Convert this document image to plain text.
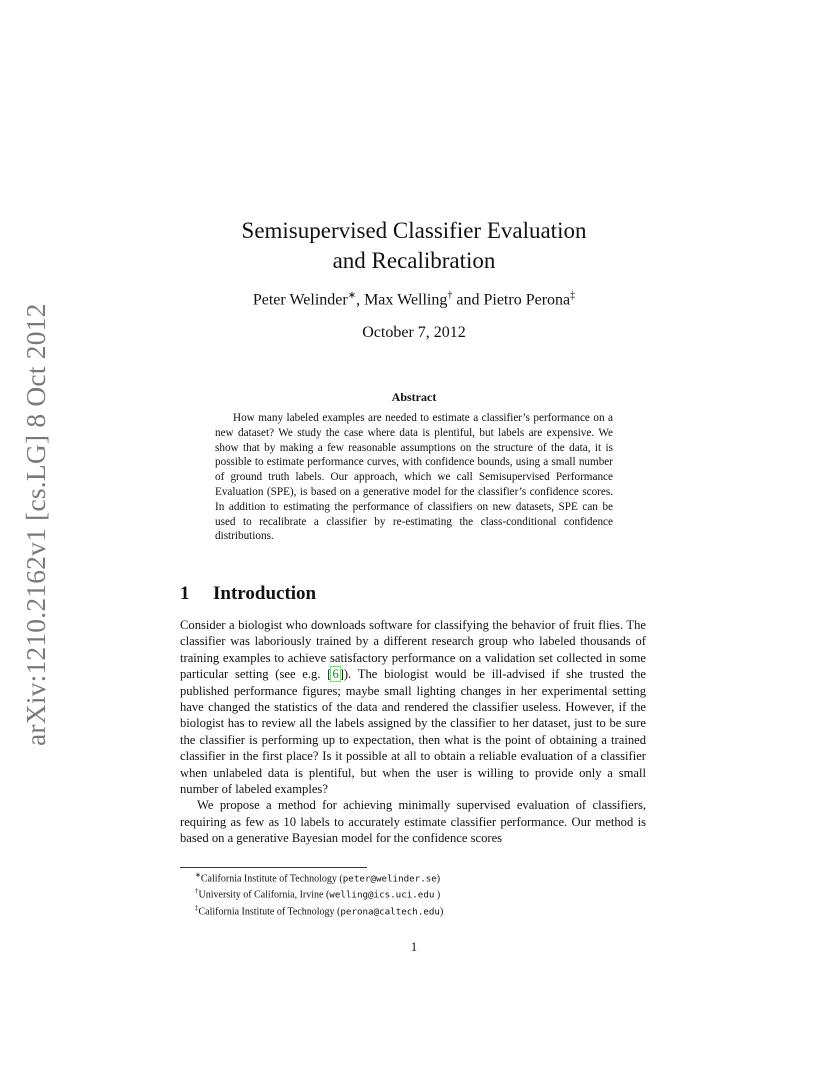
arXiv:1210.2162v1 [cs.LG] 8 Oct 2012
Semisupervised Classifier Evaluation
and Recalibration
Peter Welinder∗, Max Welling† and Pietro Perona‡
October 7, 2012
Abstract
How many labeled examples are needed to estimate a classifier’s performance on a new dataset? We study the case where data is plentiful, but labels are expensive. We show that by making a few reasonable assumptions on the structure of the data, it is possible to estimate performance curves, with confidence bounds, using a small number of ground truth labels. Our approach, which we call Semisupervised Performance Evaluation (SPE), is based on a generative model for the classifier’s confidence scores. In addition to estimating the performance of classifiers on new datasets, SPE can be used to recalibrate a classifier by re-estimating the class-conditional confidence distributions.
1 Introduction

Consider a biologist who downloads software for classifying the behavior of fruit flies. The classifier was laboriously trained by a different research group who labeled thousands of training examples to achieve satisfactory performance on a validation set collected in some particular setting (see e.g. [6]). The biologist would be ill-advised if she trusted the published performance figures; maybe small lighting changes in her experimental setting have changed the statistics of the data and rendered the classifier useless. However, if the biologist has to review all the labels assigned by the classifier to her dataset, just to be sure the classifier is performing up to expectation, then what is the point of obtaining a trained classifier in the first place? Is it possible at all to obtain a reliable evaluation of a classifier when unlabeled data is plentiful, but when the user is willing to provide only a small number of labeled examples?

We propose a method for achieving minimally supervised evaluation of classifiers, requiring as few as 10 labels to accurately estimate classifier performance. Our method is based on a generative Bayesian model for the confidence scores

∗California Institute of Technology (peter@welinder.se)
†University of California, Irvine (welling@ics.uci.edu )
‡California Institute of Technology (perona@caltech.edu)
1
